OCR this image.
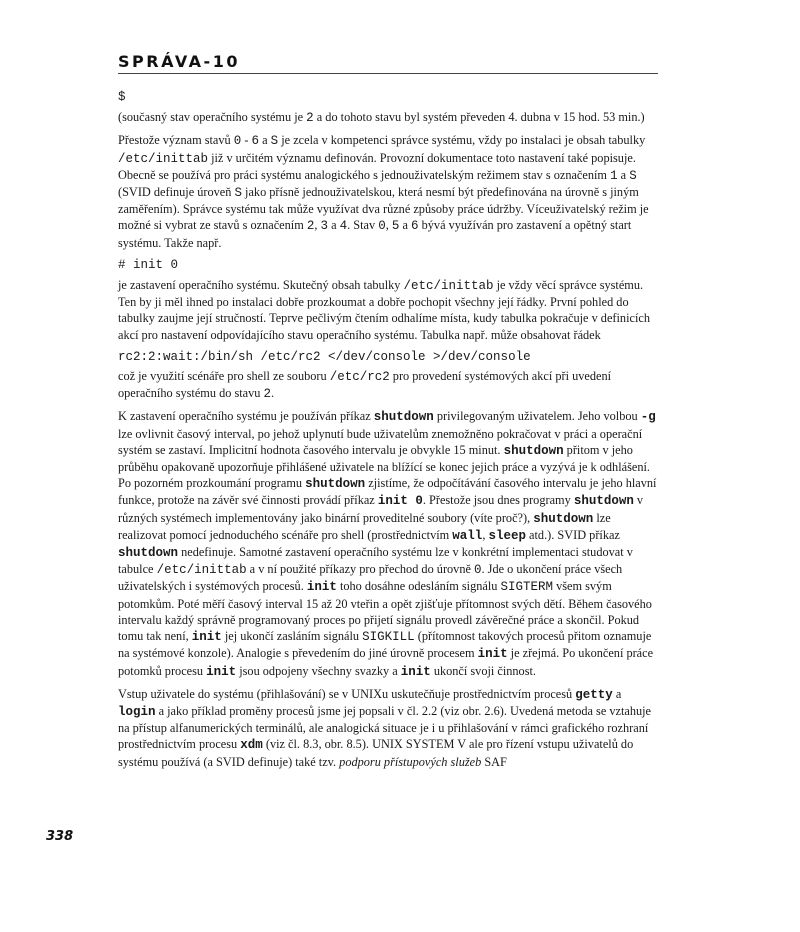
SPRÁVA-10
$
(současný stav operačního systému je 2 a do tohoto stavu byl systém převeden 4. dubna v 15 hod. 53 min.)
Přestože význam stavů 0 - 6 a S je zcela v kompetenci správce systému, vždy po instalaci je obsah tabulky /etc/inittab již v určitém významu definován. Provozní dokumentace toto nastavení také popisuje. Obecně se používá pro práci systému analogického s jednouživatelským režimem stav s označením 1 a S (SVID definuje úroveň S jako přísně jednouživatelskou, která nesmí být předefinována na úrovně s jiným zaměřením). Správce systému tak může využívat dva různé způsoby práce údržby. Víceuživatelský režim je možné si vybrat ze stavů s označením 2, 3 a 4. Stav 0, 5 a 6 bývá využíván pro zastavení a opětný start systému. Takže např.
# init 0
je zastavení operačního systému. Skutečný obsah tabulky /etc/inittab je vždy věcí správce systému. Ten by ji měl ihned po instalaci dobře prozkoumat a dobře pochopit všechny její řádky. První pohled do tabulky zaujme její stručností. Teprve pečlivým čtením odhalíme místa, kudy tabulka pokračuje v definicích akcí pro nastavení odpovídajícího stavu operačního systému. Tabulka např. může obsahovat řádek
rc2:2:wait:/bin/sh /etc/rc2 </dev/console >/dev/console
což je využití scénáře pro shell ze souboru /etc/rc2 pro provedení systémových akcí při uvedení operačního systému do stavu 2.
K zastavení operačního systému je používán příkaz shutdown privilegovaným uživatelem. Jeho volbou -g lze ovlivnit časový interval, po jehož uplynutí bude uživatelům znemožněno pokračovat v práci a operační systém se zastaví. Implicitní hodnota časového intervalu je obvykle 15 minut. shutdown přitom v jeho průběhu opakovaně upozorňuje přihlášené uživatele na blížící se konec jejich práce a vyzývá je k odhlášení. Po pozorném prozkoumání programu shutdown zjistíme, že odpočítávání časového intervalu je jeho hlavní funkce, protože na závěr své činnosti provádí příkaz init 0. Přestože jsou dnes programy shutdown v různých systémech implementovány jako binární proveditelné soubory (víte proč?), shutdown lze realizovat pomocí jednoduchého scénáře pro shell (prostřednictvím wall, sleep atd.). SVID příkaz shutdown nedefinuje. Samotné zastavení operačního systému lze v konkrétní implementaci studovat v tabulce /etc/inittab a v ní použité příkazy pro přechod do úrovně 0. Jde o ukončení práce všech uživatelských i systémových procesů. init toho dosáhne odesláním signálu SIGTERM všem svým potomkům. Poté měří časový interval 15 až 20 vteřin a opět zjišťuje přítomnost svých dětí. Během časového intervalu každý správně programovaný proces po přijetí signálu provedl závěrečné práce a skončil. Pokud tomu tak není, init jej ukončí zasláním signálu SIGKILL (přítomnost takových procesů přitom oznamuje na systémové konzole). Analogie s převedením do jiné úrovně procesem init je zřejmá. Po ukončení práce potomků procesu init jsou odpojeny všechny svazky a init ukončí svoji činnost.
Vstup uživatele do systému (přihlašování) se v UNIXu uskutečňuje prostřednictvím procesů getty a login a jako příklad proměny procesů jsme jej popsali v čl. 2.2 (viz obr. 2.6). Uvedená metoda se vztahuje na přístup alfanumerických terminálů, ale analogická situace je i u přihlašování v rámci grafického rozhraní prostřednictvím procesu xdm (viz čl. 8.3, obr. 8.5). UNIX SYSTEM V ale pro řízení vstupu uživatelů do systému používá (a SVID definuje) také tzv. podporu přístupových služeb SAF
338
